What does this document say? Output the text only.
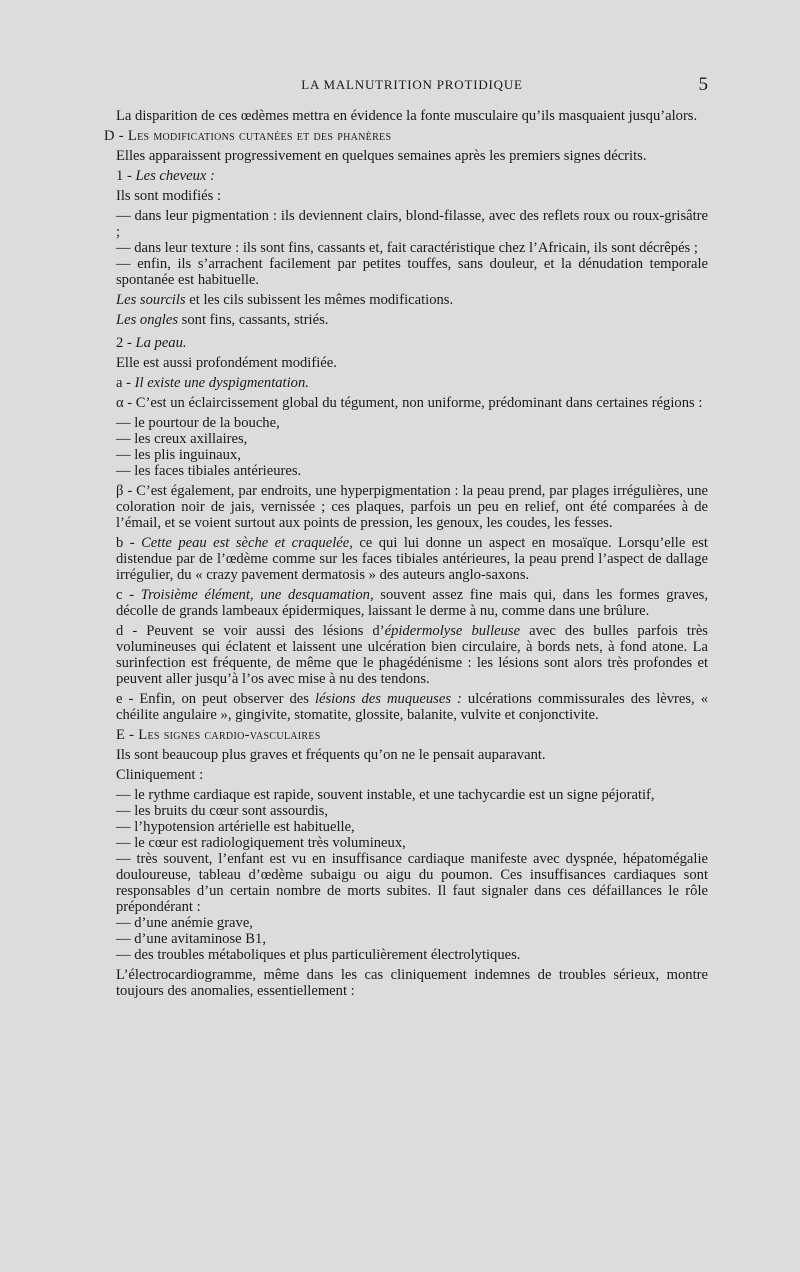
LA MALNUTRITION PROTIDIQUE	5

La disparition de ces œdèmes mettra en évidence la fonte musculaire qu’ils masquaient jusqu’alors.

D - Les modifications cutanées et des phanères

Elles apparaissent progressivement en quelques semaines après les premiers signes décrits.

1 - Les cheveux :

Ils sont modifiés :

— dans leur pigmentation : ils deviennent clairs, blond-filasse, avec des reflets roux ou roux-grisâtre ;

— dans leur texture : ils sont fins, cassants et, fait caractéristique chez l’Africain, ils sont décrêpés ;

— enfin, ils s’arrachent facilement par petites touffes, sans douleur, et la dénudation temporale spontanée est habituelle.

Les sourcils et les cils subissent les mêmes modifications.

Les ongles sont fins, cassants, striés.

2 - La peau.

Elle est aussi profondément modifiée.

a - Il existe une dyspigmentation.

α - C’est un éclaircissement global du tégument, non uniforme, prédominant dans certaines régions :

— le pourtour de la bouche,

— les creux axillaires,

— les plis inguinaux,

— les faces tibiales antérieures.

β - C’est également, par endroits, une hyperpigmentation : la peau prend, par plages irrégulières, une coloration noir de jais, vernissée ; ces plaques, parfois un peu en relief, ont été comparées à de l’émail, et se voient surtout aux points de pression, les genoux, les coudes, les fesses.

b - Cette peau est sèche et craquelée, ce qui lui donne un aspect en mosaïque. Lorsqu’elle est distendue par de l’œdème comme sur les faces tibiales antérieures, la peau prend l’aspect de dallage irrégulier, du « crazy pavement dermatosis » des auteurs anglo-saxons.

c - Troisième élément, une desquamation, souvent assez fine mais qui, dans les formes graves, décolle de grands lambeaux épidermiques, laissant le derme à nu, comme dans une brûlure.

d - Peuvent se voir aussi des lésions d’épidermolyse bulleuse avec des bulles parfois très volumineuses qui éclatent et laissent une ulcération bien circulaire, à bords nets, à fond atone. La surinfection est fréquente, de même que le phagédénisme : les lésions sont alors très profondes et peuvent aller jusqu’à l’os avec mise à nu des tendons.

e - Enfin, on peut observer des lésions des muqueuses : ulcérations commissurales des lèvres, « chéilite angulaire », gingivite, stomatite, glossite, balanite, vulvite et conjonctivite.

E - Les signes cardio-vasculaires

Ils sont beaucoup plus graves et fréquents qu’on ne le pensait auparavant.

Cliniquement :

— le rythme cardiaque est rapide, souvent instable, et une tachycardie est un signe péjoratif,

— les bruits du cœur sont assourdis,

— l’hypotension artérielle est habituelle,

— le cœur est radiologiquement très volumineux,

— très souvent, l’enfant est vu en insuffisance cardiaque manifeste avec dyspnée, hépatomégalie douloureuse, tableau d’œdème subaigu ou aigu du poumon. Ces insuffisances cardiaques sont responsables d’un certain nombre de morts subites. Il faut signaler dans ces défaillances le rôle prépondérant :

— d’une anémie grave,

— d’une avitaminose B1,

— des troubles métaboliques et plus particulièrement électrolytiques.

L’électrocardiogramme, même dans les cas cliniquement indemnes de troubles sérieux, montre toujours des anomalies, essentiellement :
